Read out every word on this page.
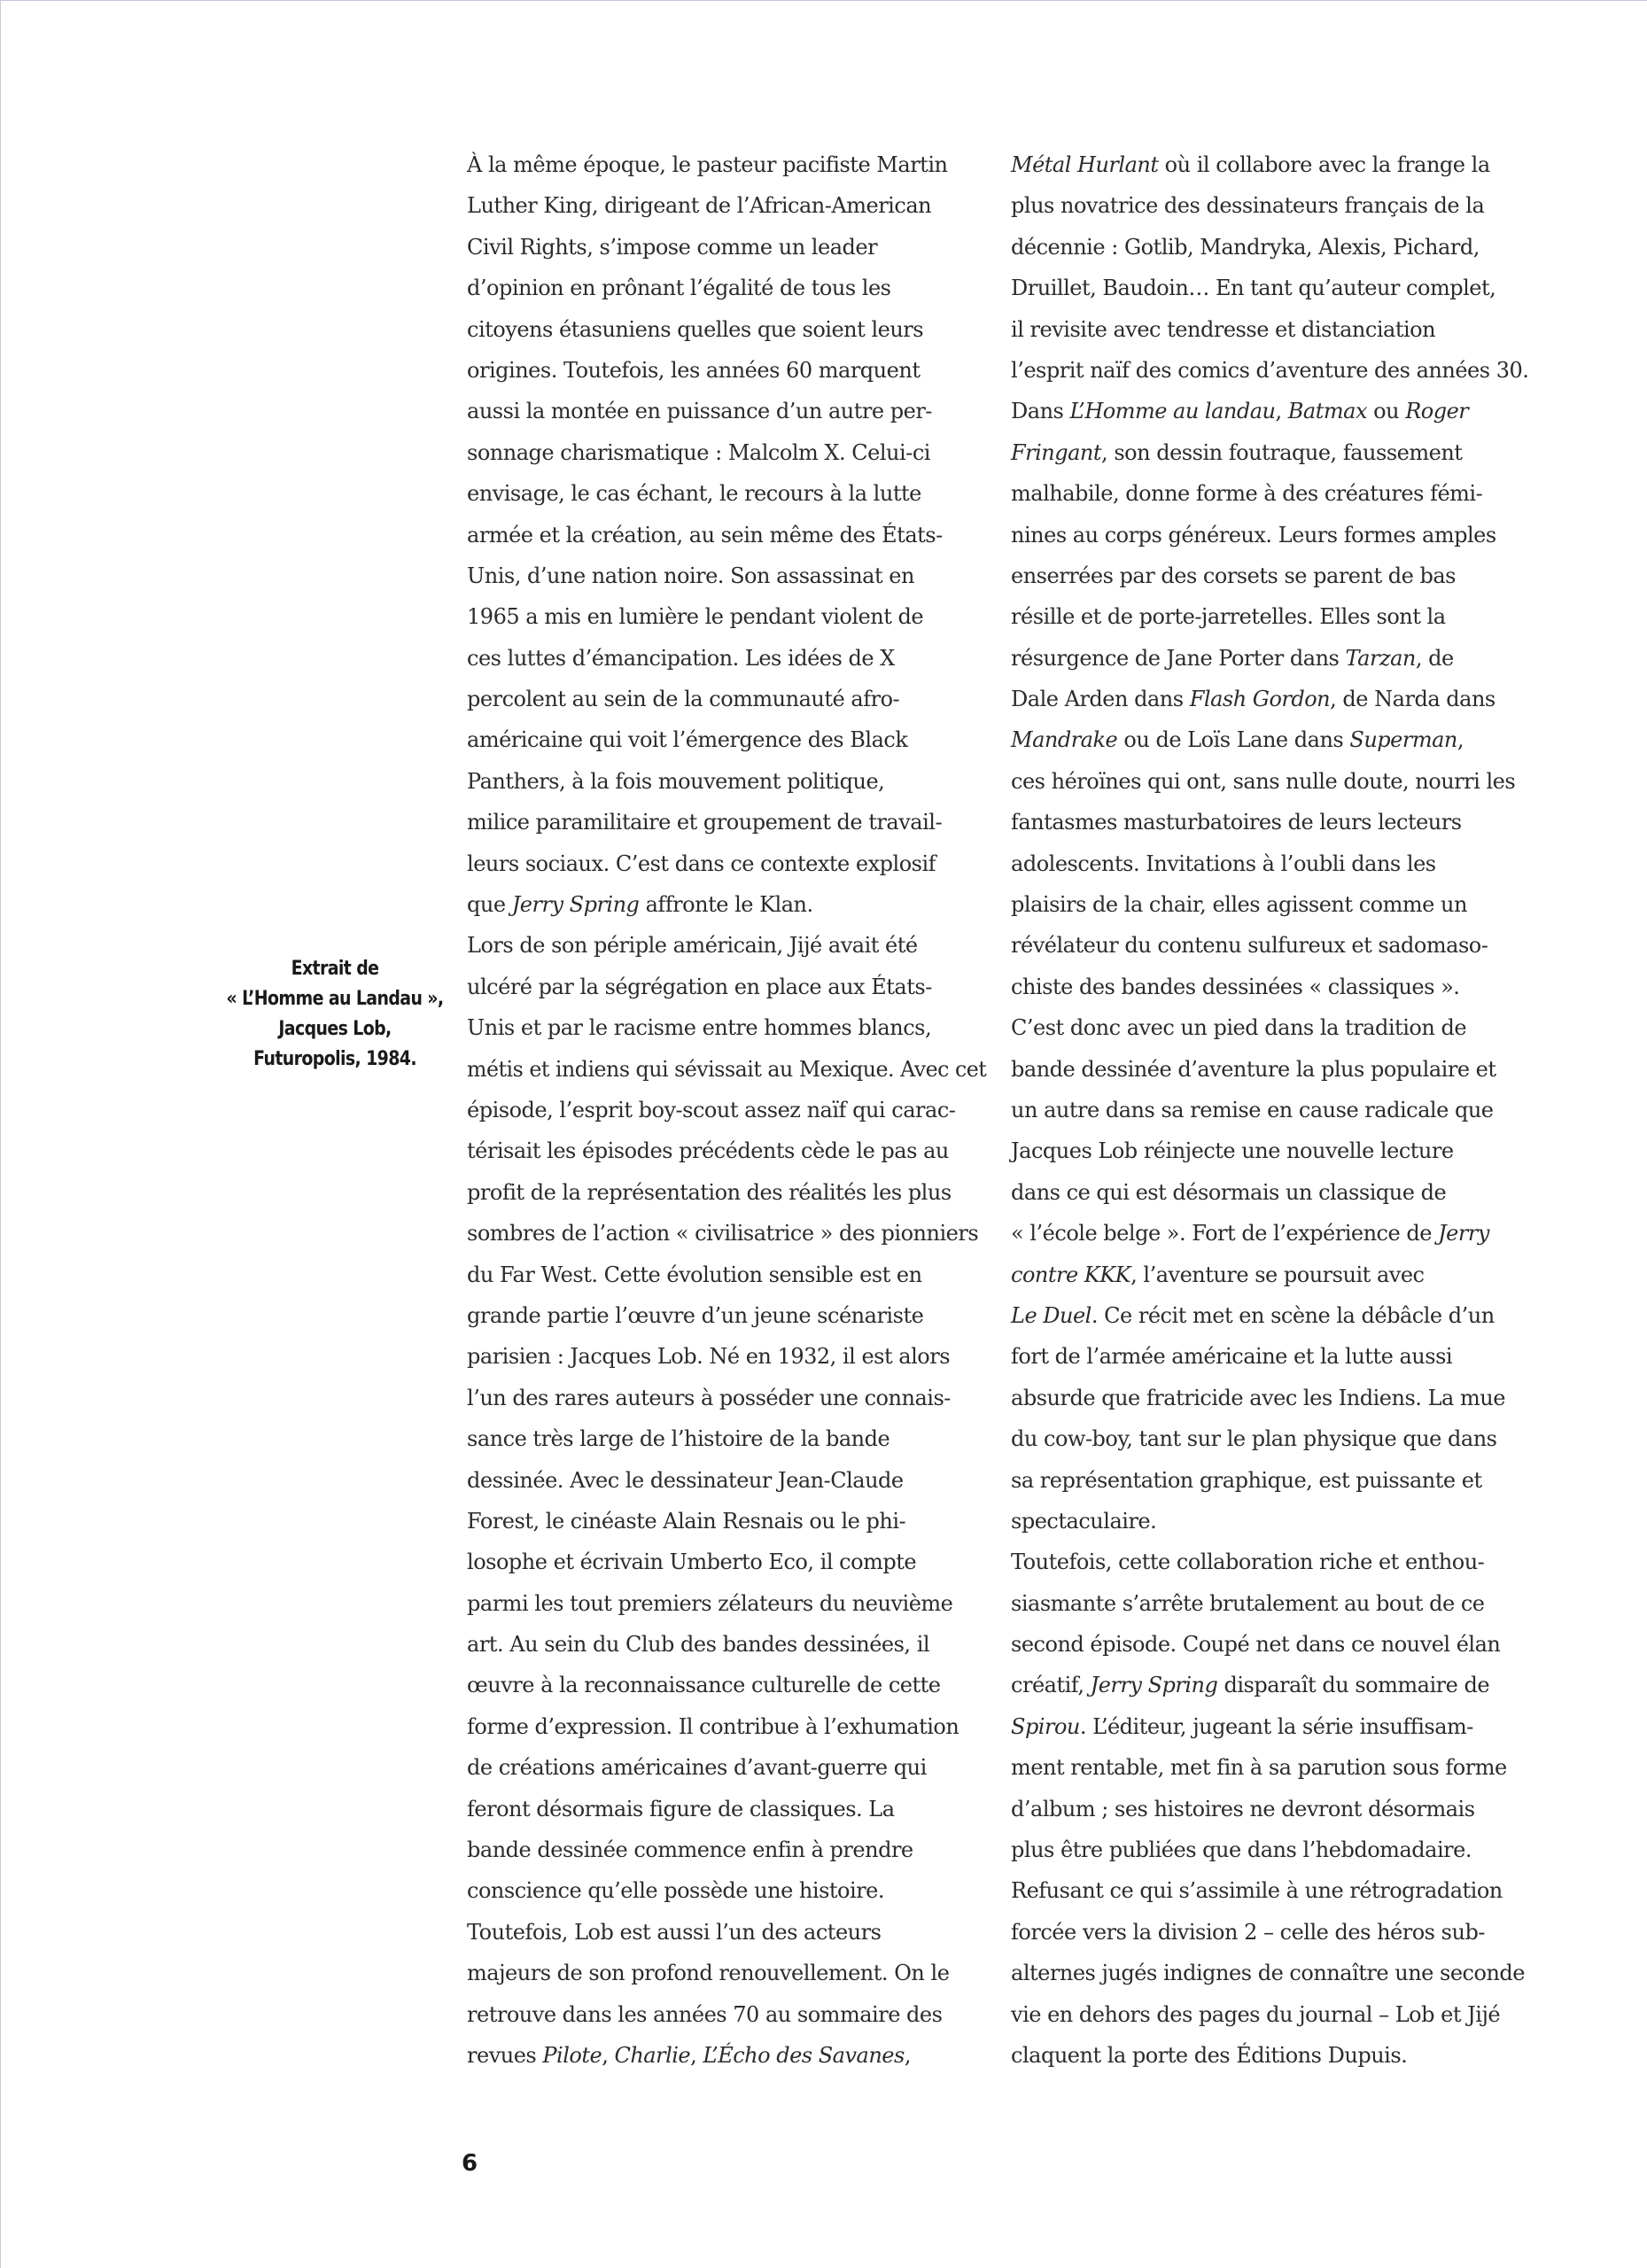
Extrait de
« L’Homme au Landau »,
Jacques Lob,
Futuropolis, 1984.
À la même époque, le pasteur pacifiste Martin
Luther King, dirigeant de l’African-American
Civil Rights, s’impose comme un leader
d’opinion en prônant l’égalité de tous les
citoyens étasuniens quelles que soient leurs
origines. Toutefois, les années 60 marquent
aussi la montée en puissance d’un autre per-
sonnage charismatique : Malcolm X. Celui-ci
envisage, le cas échant, le recours à la lutte
armée et la création, au sein même des États-
Unis, d’une nation noire. Son assassinat en
1965 a mis en lumière le pendant violent de
ces luttes d’émancipation. Les idées de X
percolent au sein de la communauté afro-
américaine qui voit l’émergence des Black
Panthers, à la fois mouvement politique,
milice paramilitaire et groupement de travail-
leurs sociaux. C’est dans ce contexte explosif
que Jerry Spring affronte le Klan.
Lors de son périple américain, Jijé avait été
ulcéré par la ségrégation en place aux États-
Unis et par le racisme entre hommes blancs,
métis et indiens qui sévissait au Mexique. Avec cet
épisode, l’esprit boy-scout assez naïf qui carac-
térisait les épisodes précédents cède le pas au
profit de la représentation des réalités les plus
sombres de l’action « civilisatrice » des pionniers
du Far West. Cette évolution sensible est en
grande partie l’œuvre d’un jeune scénariste
parisien : Jacques Lob. Né en 1932, il est alors
l’un des rares auteurs à posséder une connais-
sance très large de l’histoire de la bande
dessinée. Avec le dessinateur Jean-Claude
Forest, le cinéaste Alain Resnais ou le phi-
losophe et écrivain Umberto Eco, il compte
parmi les tout premiers zélateurs du neuvième
art. Au sein du Club des bandes dessinées, il
œuvre à la reconnaissance culturelle de cette
forme d’expression. Il contribue à l’exhumation
de créations américaines d’avant-guerre qui
feront désormais figure de classiques. La
bande dessinée commence enfin à prendre
conscience qu’elle possède une histoire.
Toutefois, Lob est aussi l’un des acteurs
majeurs de son profond renouvellement. On le
retrouve dans les années 70 au sommaire des
revues Pilote, Charlie, L’Écho des Savanes,
Métal Hurlant où il collabore avec la frange la
plus novatrice des dessinateurs français de la
décennie : Gotlib, Mandryka, Alexis, Pichard,
Druillet, Baudoin… En tant qu’auteur complet,
il revisite avec tendresse et distanciation
l’esprit naïf des comics d’aventure des années 30.
Dans L’Homme au landau, Batmax ou Roger
Fringant, son dessin foutraque, faussement
malhabile, donne forme à des créatures fémi-
nines au corps généreux. Leurs formes amples
enserrées par des corsets se parent de bas
résille et de porte-jarretelles. Elles sont la
résurgence de Jane Porter dans Tarzan, de
Dale Arden dans Flash Gordon, de Narda dans
Mandrake ou de Loïs Lane dans Superman,
ces héroïnes qui ont, sans nulle doute, nourri les
fantasmes masturbatoires de leurs lecteurs
adolescents. Invitations à l’oubli dans les
plaisirs de la chair, elles agissent comme un
révélateur du contenu sulfureux et sadomaso-
chiste des bandes dessinées « classiques ».
C’est donc avec un pied dans la tradition de
bande dessinée d’aventure la plus populaire et
un autre dans sa remise en cause radicale que
Jacques Lob réinjecte une nouvelle lecture
dans ce qui est désormais un classique de
« l’école belge ». Fort de l’expérience de Jerry
contre KKK, l’aventure se poursuit avec
Le Duel. Ce récit met en scène la débâcle d’un
fort de l’armée américaine et la lutte aussi
absurde que fratricide avec les Indiens. La mue
du cow-boy, tant sur le plan physique que dans
sa représentation graphique, est puissante et
spectaculaire.
Toutefois, cette collaboration riche et enthou-
siasmante s’arrête brutalement au bout de ce
second épisode. Coupé net dans ce nouvel élan
créatif, Jerry Spring disparaît du sommaire de
Spirou. L’éditeur, jugeant la série insuffisam-
ment rentable, met fin à sa parution sous forme
d’album ; ses histoires ne devront désormais
plus être publiées que dans l’hebdomadaire.
Refusant ce qui s’assimile à une rétrogradation
forcée vers la division 2 – celle des héros sub-
alternes jugés indignes de connaître une seconde
vie en dehors des pages du journal – Lob et Jijé
claquent la porte des Éditions Dupuis.
6
